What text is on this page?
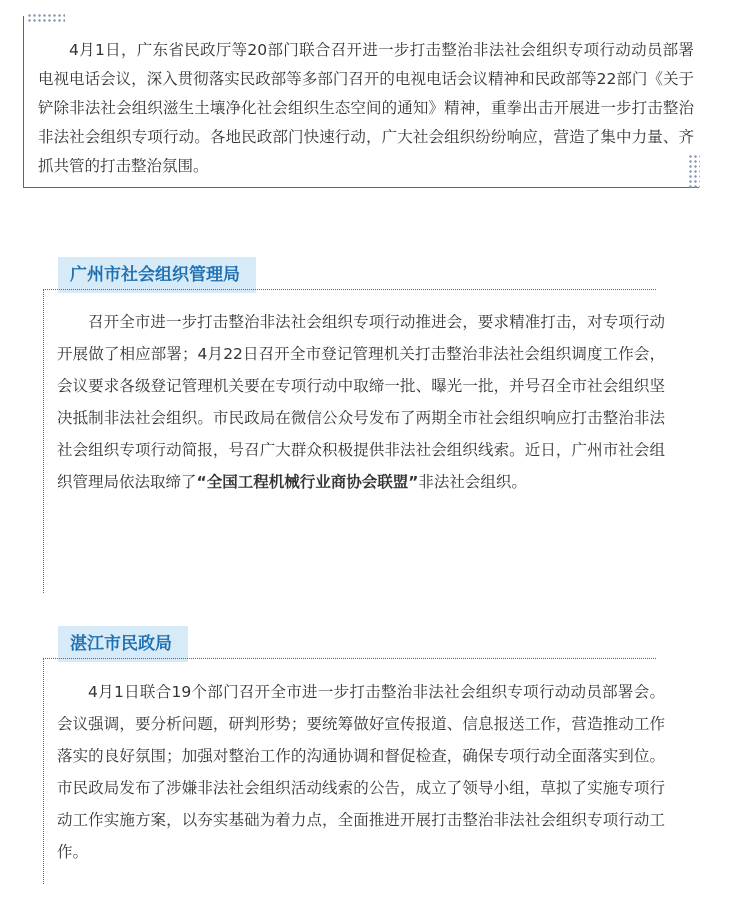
4月1日，广东省民政厅等20部门联合召开进一步打击整治非法社会组织专项行动动员部署电视电话会议，深入贯彻落实民政部等多部门召开的电视电话会议精神和民政部等22部门《关于铲除非法社会组织滋生土壤净化社会组织生态空间的通知》精神，重拳出击开展进一步打击整治非法社会组织专项行动。各地民政部门快速行动，广大社会组织纷纷响应，营造了集中力量、齐抓共管的打击整治氛围。

广州市社会组织管理局

召开全市进一步打击整治非法社会组织专项行动推进会，要求精准打击，对专项行动开展做了相应部署；4月22日召开全市登记管理机关打击整治非法社会组织调度工作会，会议要求各级登记管理机关要在专项行动中取缔一批、曝光一批，并号召全市社会组织坚决抵制非法社会组织。市民政局在微信公众号发布了两期全市社会组织响应打击整治非法社会组织专项行动简报，号召广大群众积极提供非法社会组织线索。近日，广州市社会组织管理局依法取缔了“全国工程机械行业商协会联盟”非法社会组织。

湛江市民政局

4月1日联合19个部门召开全市进一步打击整治非法社会组织专项行动动员部署会。会议强调，要分析问题，研判形势；要统筹做好宣传报道、信息报送工作，营造推动工作落实的良好氛围；加强对整治工作的沟通协调和督促检查，确保专项行动全面落实到位。市民政局发布了涉嫌非法社会组织活动线索的公告，成立了领导小组，草拟了实施专项行动工作实施方案，以夯实基础为着力点，全面推进开展打击整治非法社会组织专项行动工作。
